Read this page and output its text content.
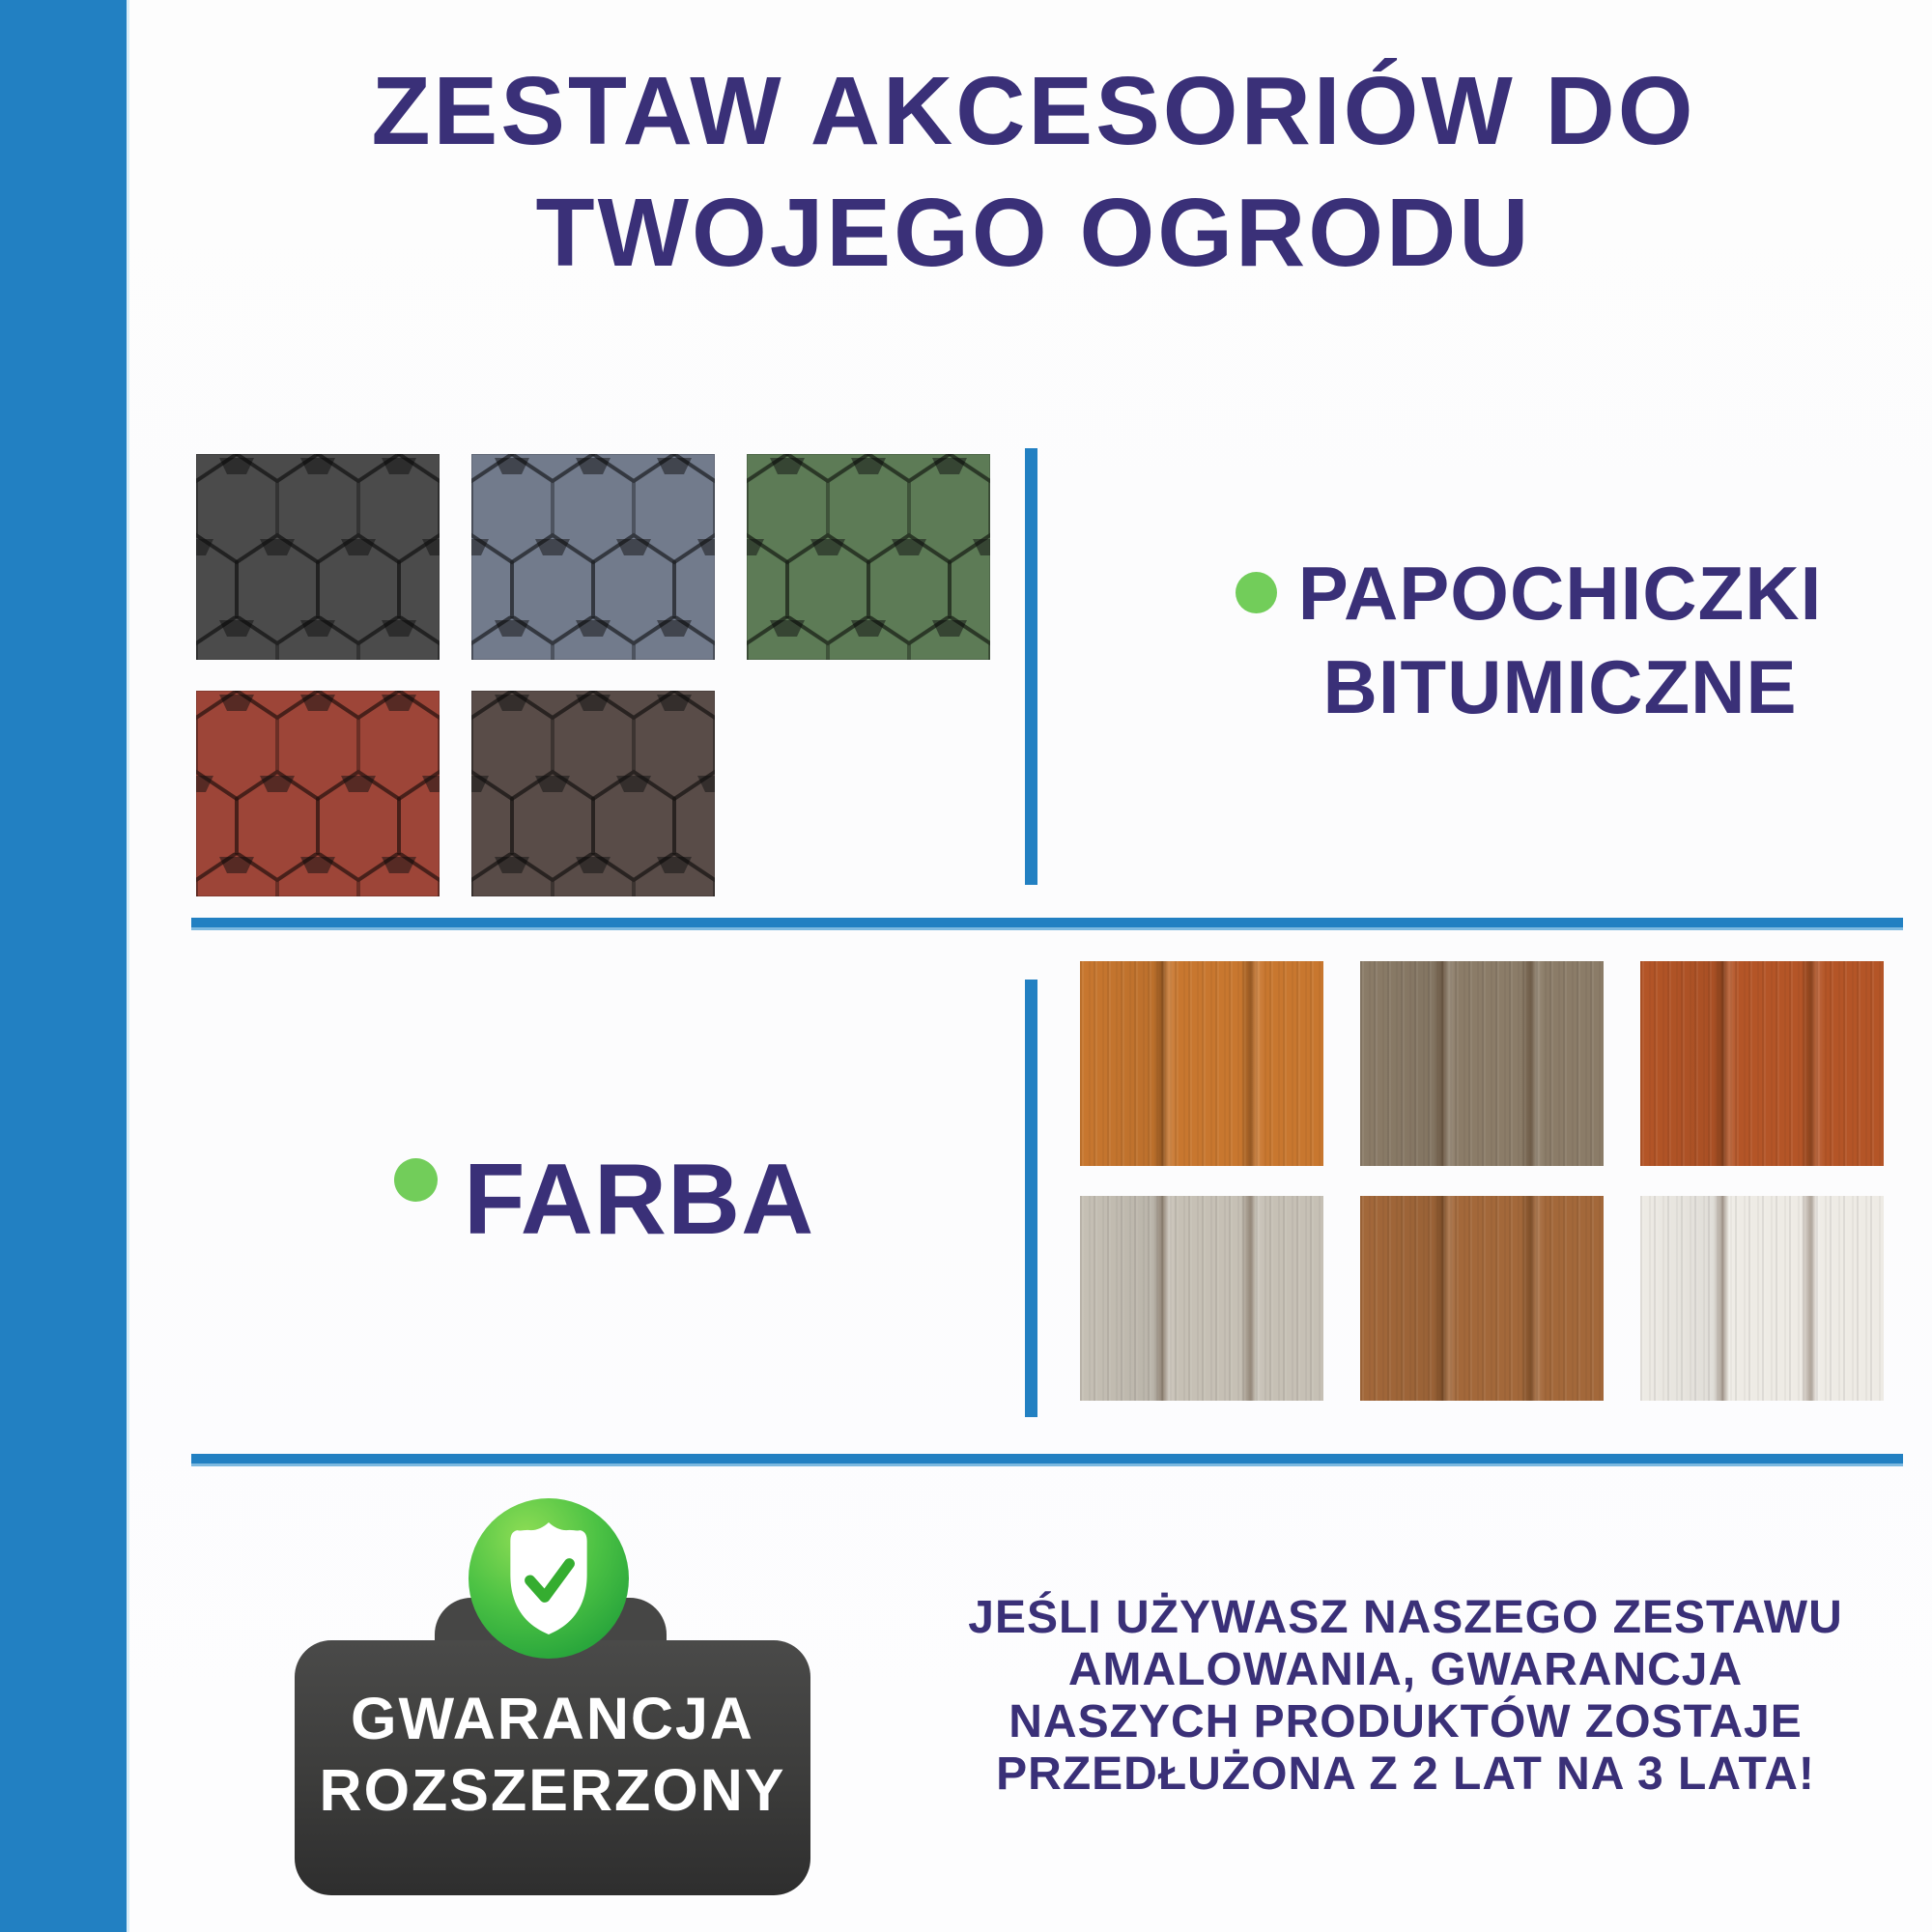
ZESTAW AKCESORIÓW DO
TWOJEGO OGRODU
PAPOCHICZKI
BITUMICZNE
FARBA
GWARANCJA
ROZSZERZONY
JEŚLI UŻYWASZ NASZEGO ZESTAWU
AMALOWANIA, GWARANCJA
NASZYCH PRODUKTÓW ZOSTAJE
PRZEDŁUŻONA Z 2 LAT NA 3 LATA!
